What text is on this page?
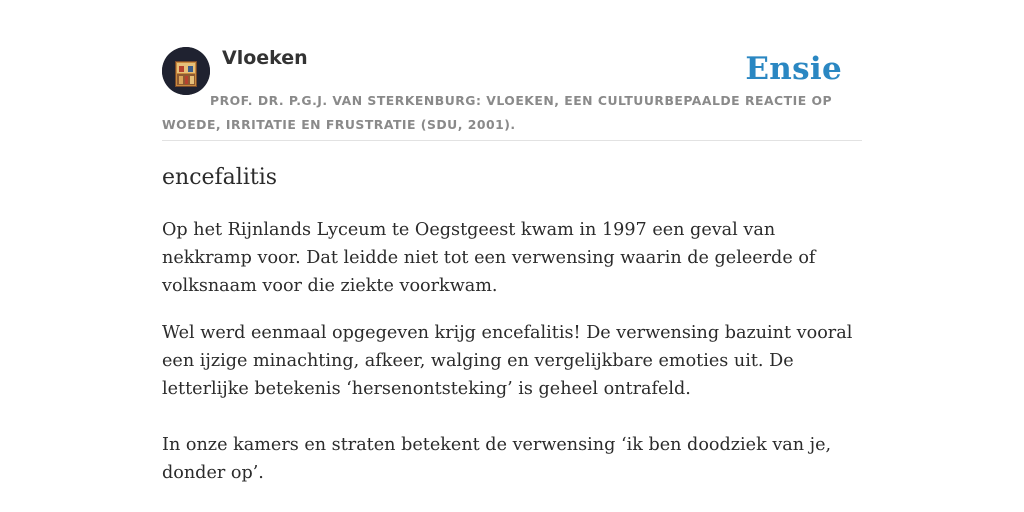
Vloeken	Ensie

PROF. DR. P.G.J. VAN STERKENBURG: VLOEKEN, EEN CULTUURBEPAALDE REACTIE OP WOEDE, IRRITATIE EN FRUSTRATIE (SDU, 2001).

encefalitis

Op het Rijnlands Lyceum te Oegstgeest kwam in 1997 een geval van nekkramp voor. Dat leidde niet tot een verwensing waarin de geleerde of volksnaam voor die ziekte voorkwam.

Wel werd eenmaal opgegeven krijg encefalitis! De verwensing bazuint vooral een ijzige minachting, afkeer, walging en vergelijkbare emoties uit. De letterlijke betekenis ‘hersenontsteking’ is geheel ontrafeld.

In onze kamers en straten betekent de verwensing ‘ik ben doodziek van je, donder op’.
